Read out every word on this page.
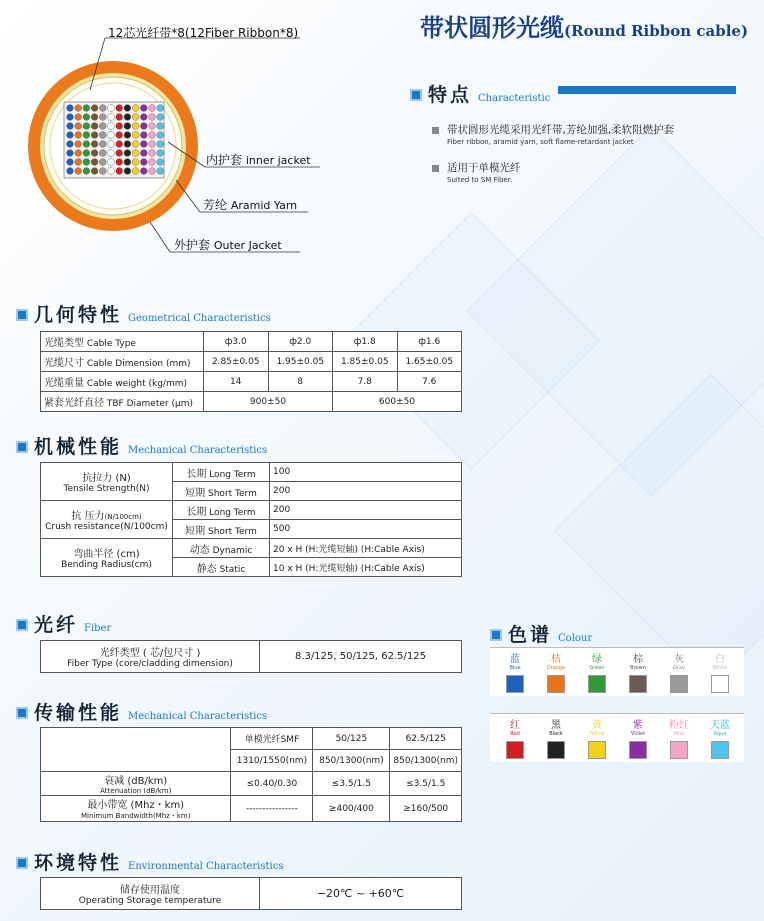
带状圆形光缆 (Round Ribbon cable)
12芯光纤带*8(12Fiber Ribbon*8)
内护套 inner jacket
芳纶 Aramid Yarn
外护套 Outer Jacket
特点 Characteristic
带状圆形光缆采用光纤带,芳纶加强,柔软阻燃护套
Fiber ribbon, aramid yarn, soft flame-retardant jacket
适用于单模光纤
Suited to SM Fiber.
几何特性 Geometrical Characteristics
光缆类型 Cable Type	ф3.0	ф2.0	ф1.8	ф1.6
光缆尺寸 Cable Dimension (mm)	2.85±0.05	1.95±0.05	1.85±0.05	1.65±0.05
光缆重量 Cable weight (kg/mm)	14	8	7.8	7.6
紧套光纤直径 TBF Diameter (μm)	900±50		600±50	
机械性能 Mechanical Characteristics
抗拉力 (N)
Tensile Strength(N)	长期 Long Term	100
	短期 Short Term	200

抗 压力(N/100cm)
Crush resistance(N/100cm)	长期 Long Term	200
	短期 Short Term	500

弯曲半径 (cm)
Bending Radius(cm)	动态 Dynamic	20 x H (H:光缆短轴) (H:Cable Axis)
	静态 Static	10 x H (H:光缆短轴) (H:Cable Axis)
光纤 Fiber
光纤类型 ( 芯/包尺寸 )
Fiber Type (core/cladding dimension)
	8.3/125, 50/125, 62.5/125
传输性能 Mechanical Characteristics
	单模光纤SMF	50/125	62.5/125
	1310/1550(nm)	850/1300(nm)	850/1300(nm)

衰减 (dB/km)
Attenuation (dB/km)	≤0.40/0.30	≤3.5/1.5	≤3.5/1.5

最小带宽 (Mhz・km)
Minimum Bandwidth(Mhz・km)	----------------	≥400/400	≥160/500
环境特性 Environmental Characteristics
储存使用温度
Operating Storage temperature
	−20℃ ~ +60℃
色谱 Colour
蓝
Blue
桔
Orange
绿
Green
棕
Brown
灰
Gray
白
White
红
Red
黑
Black
黄
Yellow
紫
Violet
粉红
Pink
天蓝
Aqua
